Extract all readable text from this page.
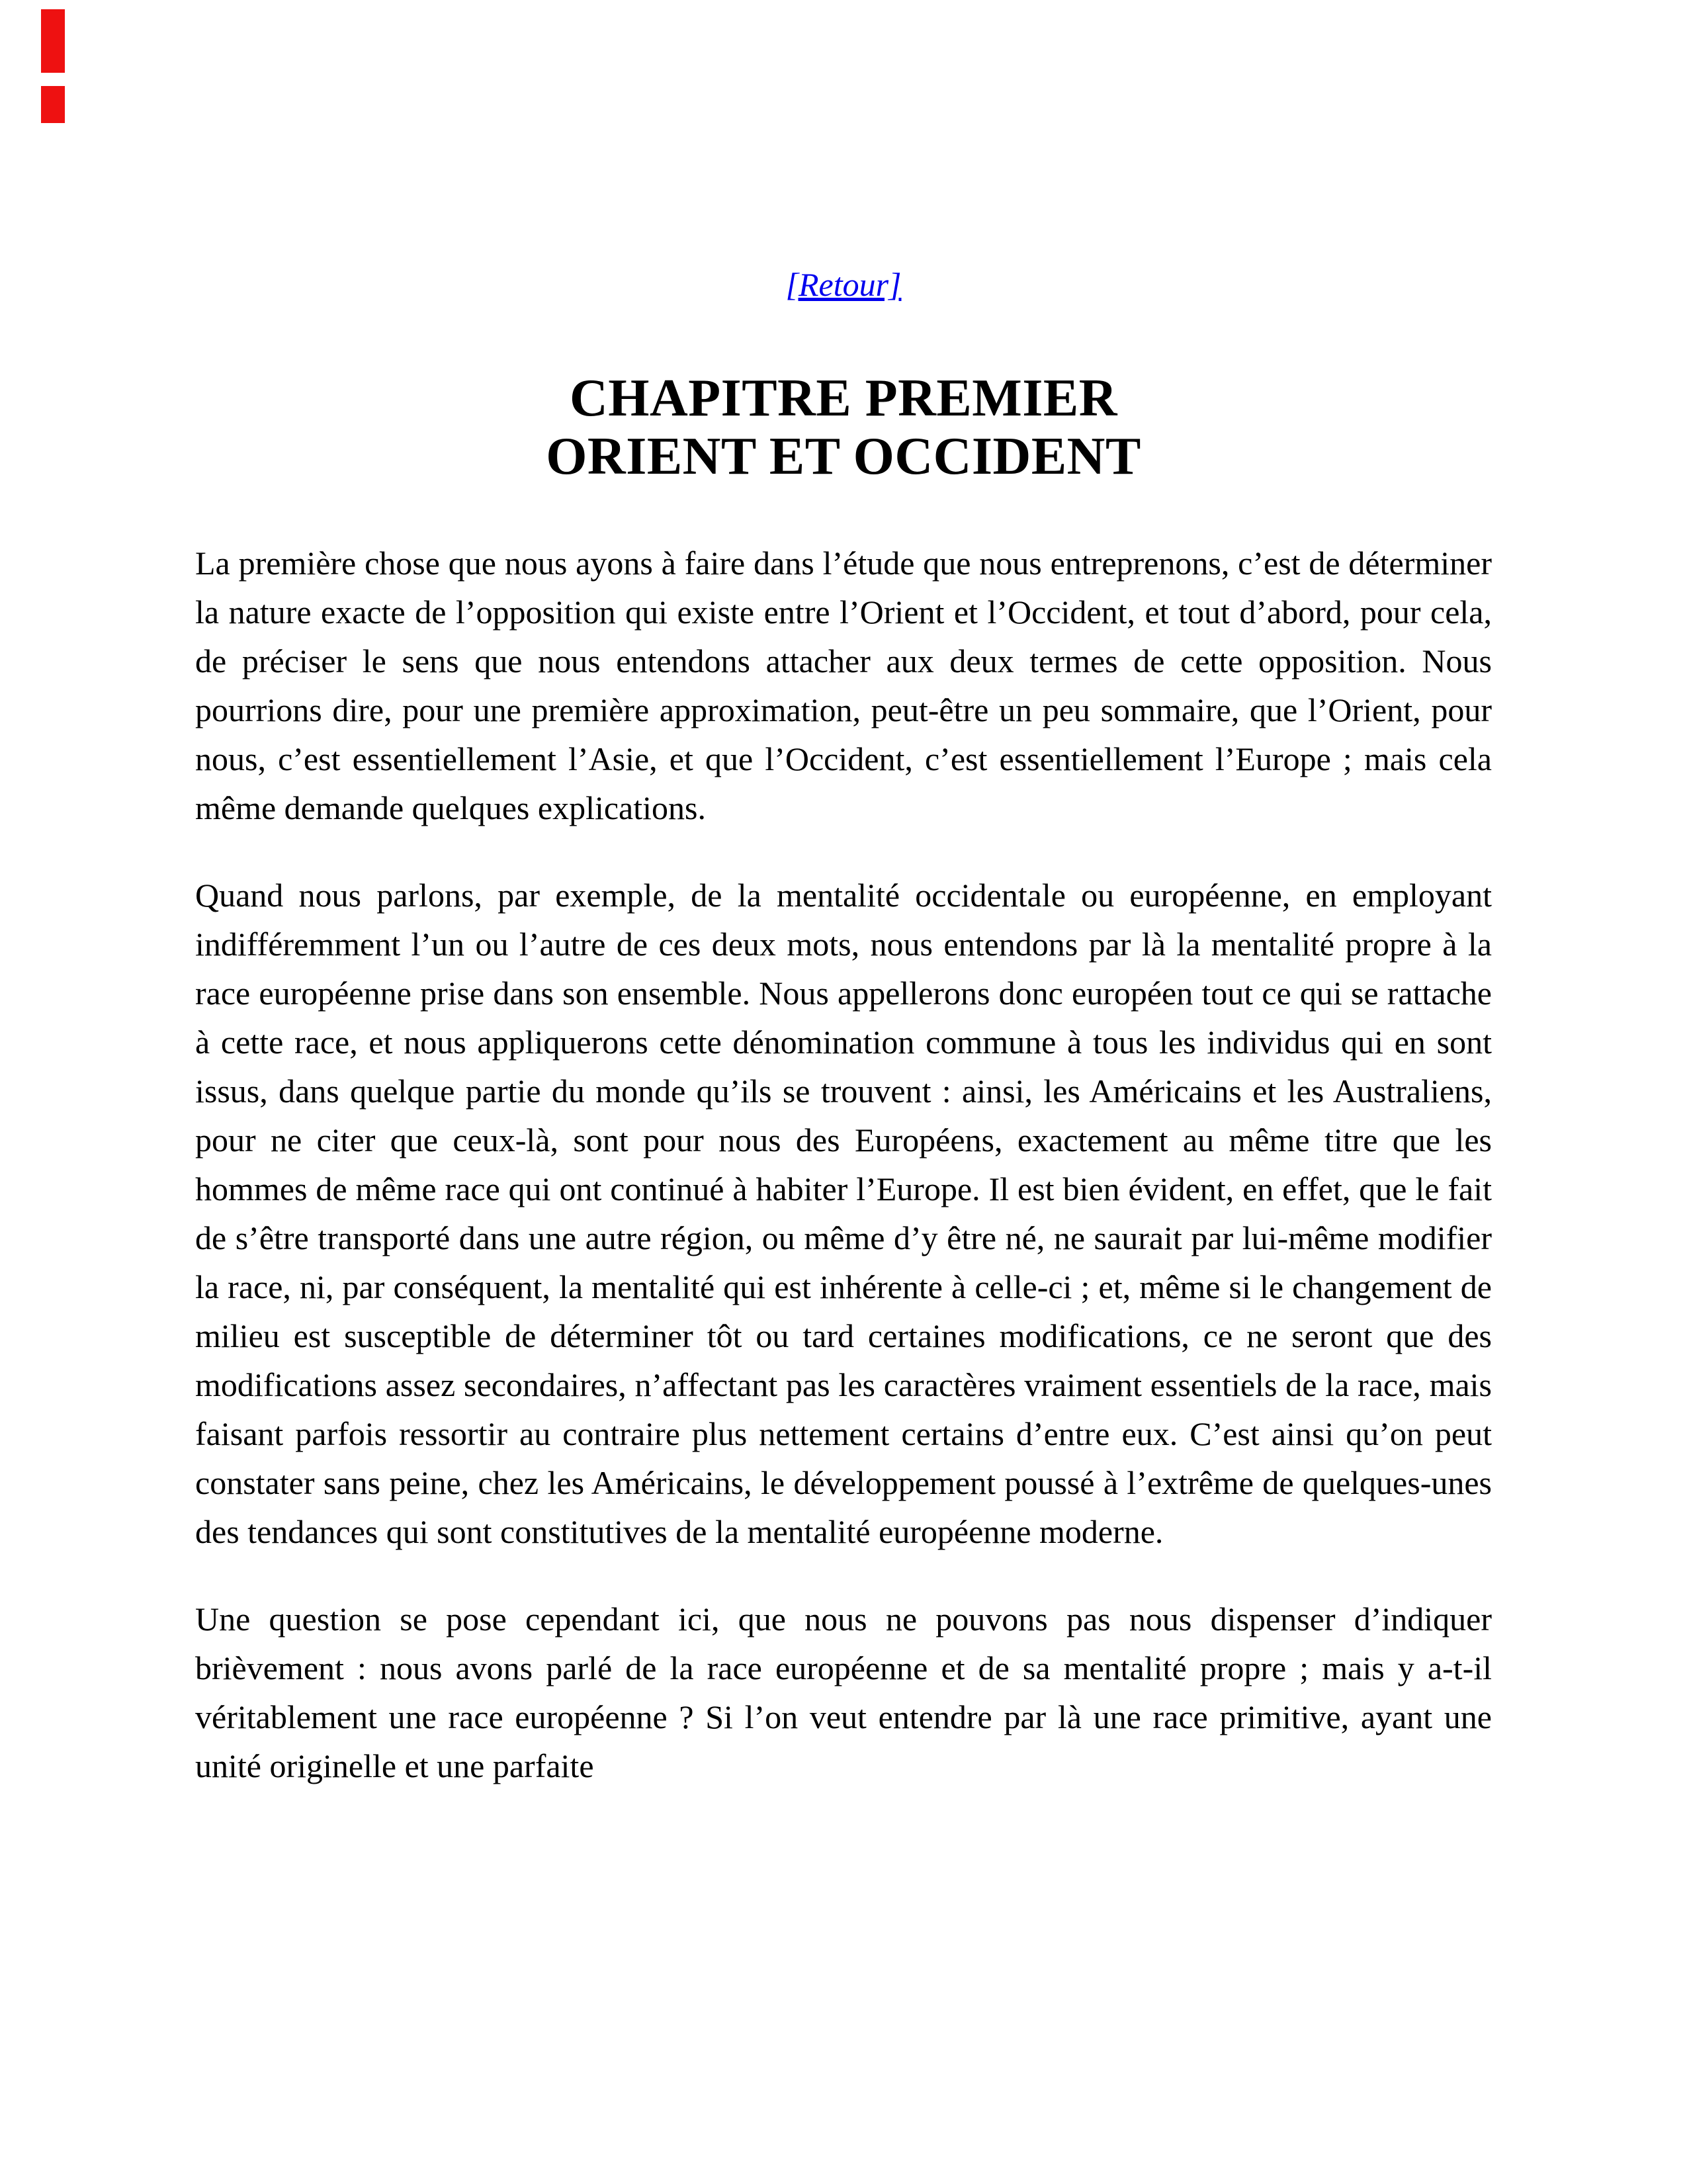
[Retour]
CHAPITRE PREMIER
ORIENT ET OCCIDENT

La première chose que nous ayons à faire dans l’étude que nous entreprenons, c’est de déterminer la nature exacte de l’opposition qui existe entre l’Orient et l’Occident, et tout d’abord, pour cela, de préciser le sens que nous entendons attacher aux deux termes de cette opposition. Nous pourrions dire, pour une première approximation, peut-être un peu sommaire, que l’Orient, pour nous, c’est essentiellement l’Asie, et que l’Occident, c’est essentiellement l’Europe ; mais cela même demande quelques explications.

Quand nous parlons, par exemple, de la mentalité occidentale ou européenne, en employant indifféremment l’un ou l’autre de ces deux mots, nous entendons par là la mentalité propre à la race européenne prise dans son ensemble. Nous appellerons donc européen tout ce qui se rattache à cette race, et nous appliquerons cette dénomination commune à tous les individus qui en sont issus, dans quelque partie du monde qu’ils se trouvent : ainsi, les Américains et les Australiens, pour ne citer que ceux-là, sont pour nous des Européens, exactement au même titre que les hommes de même race qui ont continué à habiter l’Europe. Il est bien évident, en effet, que le fait de s’être transporté dans une autre région, ou même d’y être né, ne saurait par lui-même modifier la race, ni, par conséquent, la mentalité qui est inhérente à celle-ci ; et, même si le changement de milieu est susceptible de déterminer tôt ou tard certaines modifications, ce ne seront que des modifications assez secondaires, n’affectant pas les caractères vraiment essentiels de la race, mais faisant parfois ressortir au contraire plus nettement certains d’entre eux. C’est ainsi qu’on peut constater sans peine, chez les Américains, le développement poussé à l’extrême de quelques-unes des tendances qui sont constitutives de la mentalité européenne moderne.

Une question se pose cependant ici, que nous ne pouvons pas nous dispenser d’indiquer brièvement : nous avons parlé de la race européenne et de sa mentalité propre ; mais y a-t-il véritablement une race européenne ? Si l’on veut entendre par là une race primitive, ayant une unité originelle et une parfaite
